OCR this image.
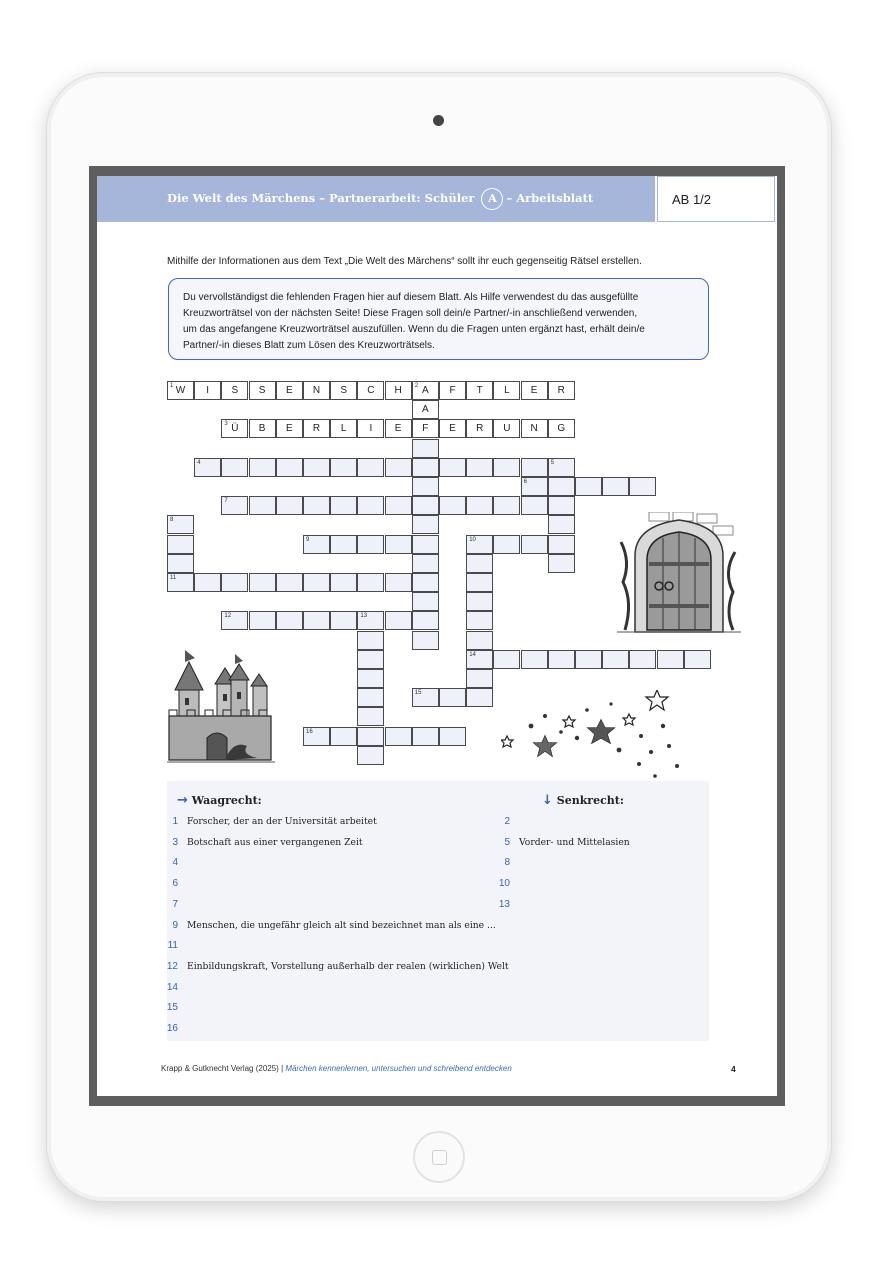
Die Welt des Märchens – Partnerarbeit: Schüler A – Arbeitsblatt	AB 1/2
Mithilfe der Informationen aus dem Text „Die Welt des Märchens“ sollt ihr euch gegenseitig Rätsel erstellen.
Du vervollständigst die fehlenden Fragen hier auf diesem Blatt. Als Hilfe verwendest du das ausgefüllte
Kreuzworträtsel von der nächsten Seite! Diese Fragen soll dein/e Partner/-in anschließend verwenden,
um das angefangene Kreuzworträtsel auszufüllen. Wenn du die Fragen unten ergänzt hast, erhält dein/e
Partner/-in dieses Blatt zum Lösen des Kreuzworträtsels.
1 W	I	S	S	E	N	S	C	H	2 A	F	T	L	E	R
A
F
3 Ü	B	E	R	L	I	E	E	R	U	N	G
4	5
6
7
8
11
9	10
14
12	13
15
16
→ Waagrecht:	↓ Senkrecht:
1 Forscher, der an der Universität arbeitet
3 Botschaft aus einer vergangenen Zeit
4
6
7
9 Menschen, die ungefähr gleich alt sind bezeichnet man als eine ...
11
12 Einbildungskraft, Vorstellung außerhalb der realen (wirklichen) Welt
14
15
16
2
5 Vorder- und Mittelasien
8
10
13
Krapp & Gutknecht Verlag (2025) | Märchen kennenlernen, untersuchen und schreibend entdecken	4
